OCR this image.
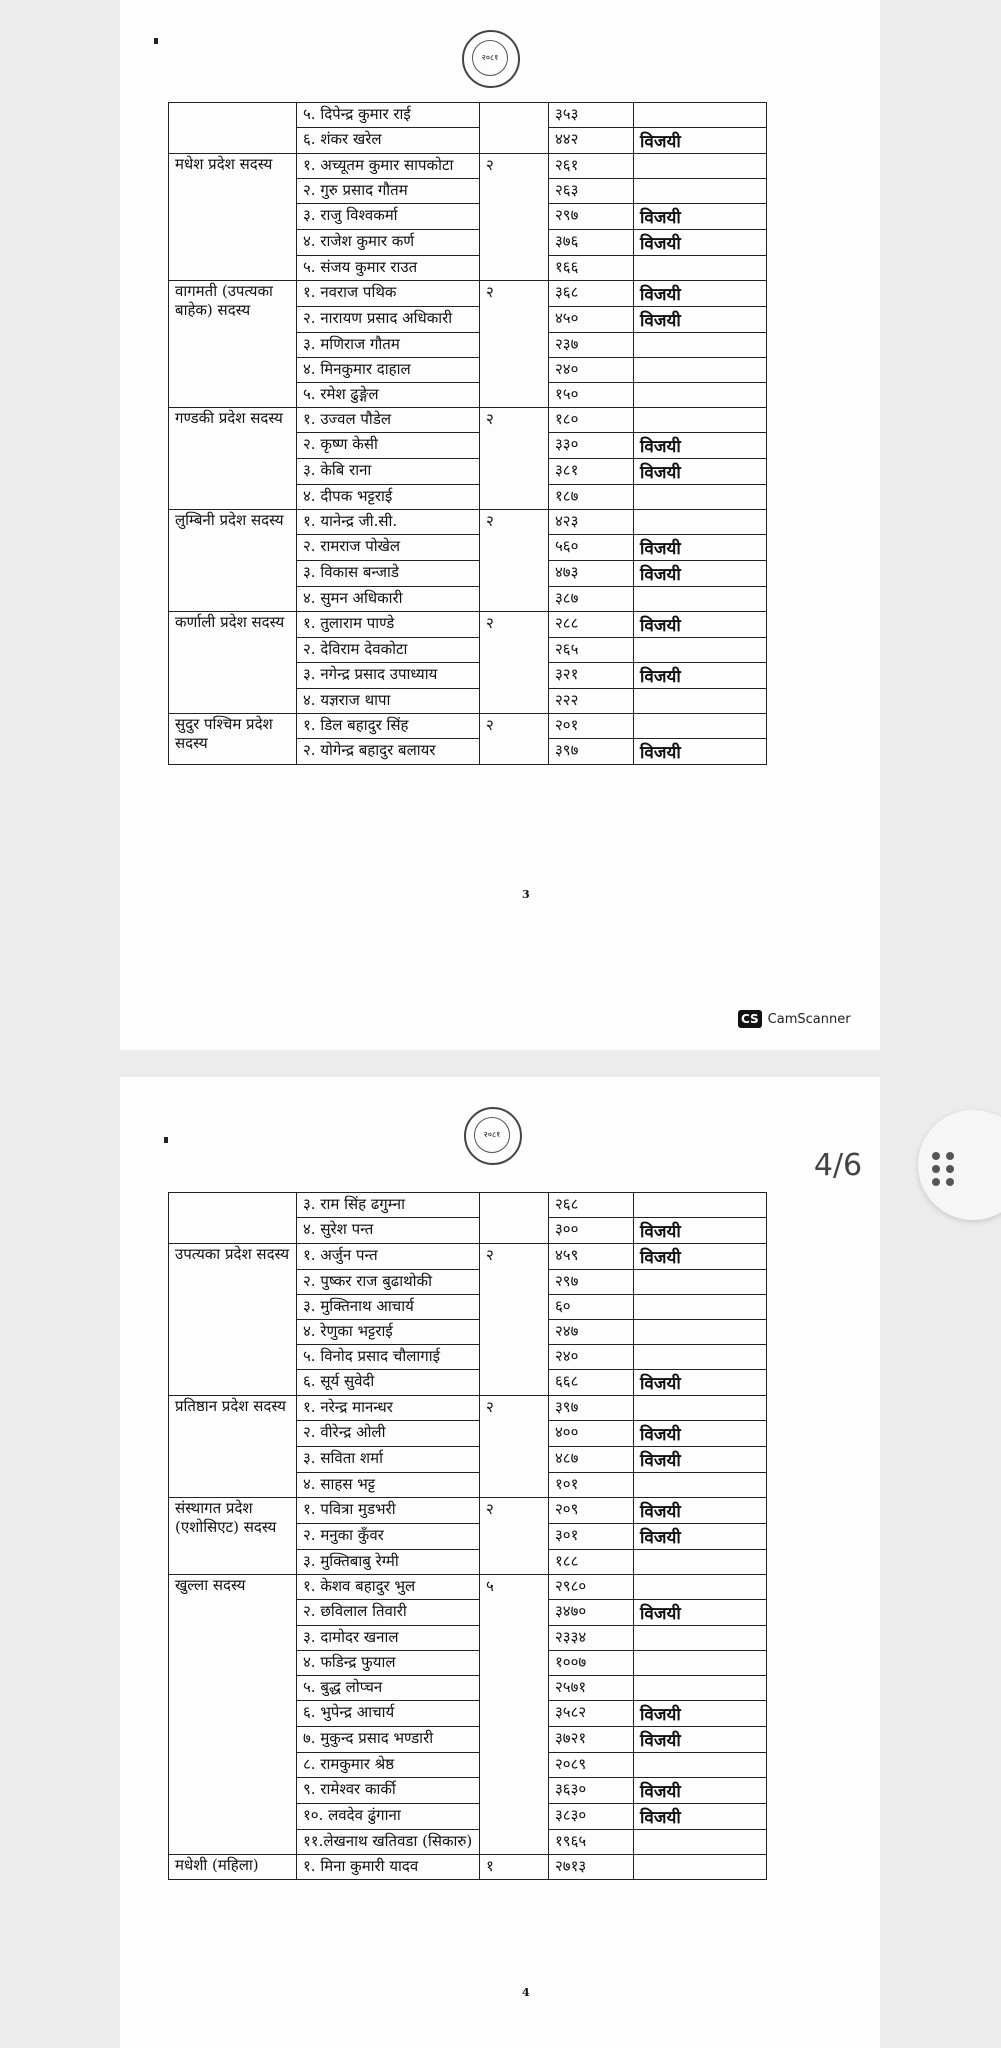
२०८१
	५. दिपेन्द्र कुमार राई		३५३	
	६. शंकर खरेल		४४२	विजयी
मधेश प्रदेश सदस्य	१. अच्यूतम कुमार सापकोटा	२	२६१	
	२. गुरु प्रसाद गौतम		२६३	
	३. राजु विश्वकर्मा		२९७	विजयी
	४. राजेश कुमार कर्ण		३७६	विजयी
	५. संजय कुमार राउत		१६६	
वागमती (उपत्यका बाहेक) सदस्य	१. नवराज पथिक	२	३६८	विजयी
	२. नारायण प्रसाद अधिकारी		४५०	विजयी
	३. मणिराज गौतम		२३७	
	४. मिनकुमार दाहाल		२४०	
	५. रमेश ढुङ्गेल		१५०	
गण्डकी प्रदेश सदस्य	१. उज्वल पौडेल	२	१८०	
	२. कृष्ण केसी		३३०	विजयी
	३. केबि राना		३८१	विजयी
	४. दीपक भट्टराई		१८७	
लुम्बिनी प्रदेश सदस्य	१. यानेन्द्र जी.सी.	२	४२३	
	२. रामराज पोखेल		५६०	विजयी
	३. विकास बन्जाडे		४७३	विजयी
	४. सुमन अधिकारी		३८७	
कर्णाली प्रदेश सदस्य	१. तुलाराम पाण्डे	२	२८८	विजयी
	२. देविराम देवकोटा		२६५	
	३. नगेन्द्र प्रसाद उपाध्याय		३२१	विजयी
	४. यज्ञराज थापा		२२२	
सुदुर पश्चिम प्रदेश सदस्य	१. डिल बहादुर सिंह	२	२०१	
	२. योगेन्द्र बहादुर बलायर		३९७	विजयी
3
CS CamScanner
२०८१
	३. राम सिंह ढगुम्ना		२६८	
	४. सुरेश पन्त		३००	विजयी
उपत्यका प्रदेश सदस्य	१. अर्जुन पन्त	२	४५९	विजयी
	२. पुष्कर राज बुढाथोकी		२९७	
	३. मुक्तिनाथ आचार्य		६०	
	४. रेणुका भट्टराई		२४७	
	५. विनोद प्रसाद चौलागाई		२४०	
	६. सूर्य सुवेदी		६६८	विजयी
प्रतिष्ठान प्रदेश सदस्य	१. नरेन्द्र मानन्धर	२	३९७	
	२. वीरेन्द्र ओली		४००	विजयी
	३. सविता शर्मा		४८७	विजयी
	४. साहस भट्ट		१०१	
संस्थागत प्रदेश (एशोसिएट) सदस्य	१. पवित्रा मुडभरी	२	२०९	विजयी
	२. मनुका कुँवर		३०१	विजयी
	३. मुक्तिबाबु रेग्मी		१८८	
खुल्ला सदस्य	१. केशव बहादुर भुल	५	२९८०	
	२. छविलाल तिवारी		३४७०	विजयी
	३. दामोदर खनाल		२३३४	
	४. फडिन्द्र फुयाल		१००७	
	५. बुद्ध लोप्चन		२५७१	
	६. भुपेन्द्र आचार्य		३५८२	विजयी
	७. मुकुन्द प्रसाद भण्डारी		३७२१	विजयी
	८. रामकुमार श्रेष्ठ		२०८९	
	९. रामेश्वर कार्की		३६३०	विजयी
	१०. लवदेव ढुंगाना		३८३०	विजयी
	११.लेखनाथ खतिवडा (सिकारु)		१९६५	
मधेशी (महिला)	१. मिना कुमारी यादव	१	२७१३	
4
4/6
